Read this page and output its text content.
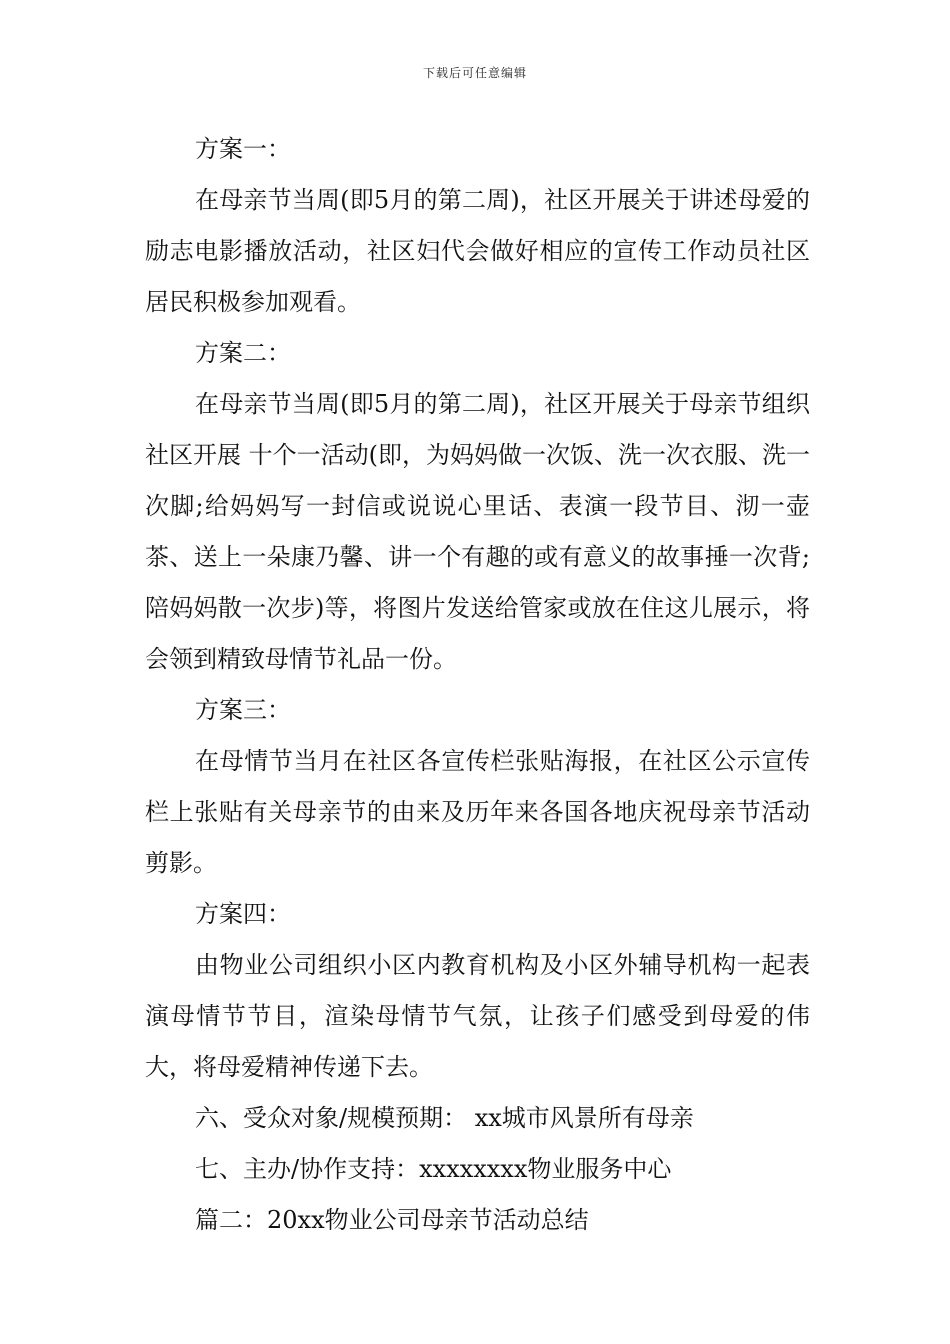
下载后可任意编辑

方案一：

在母亲节当周(即5月的第二周)，社区开展关于讲述母爱的励志电影播放活动，社区妇代会做好相应的宣传工作动员社区居民积极参加观看。

方案二：

在母亲节当周(即5月的第二周)，社区开展关于母亲节组织社区开展 十个一活动(即，为妈妈做一次饭、洗一次衣服、洗一次脚;给妈妈写一封信或说说心里话、表演一段节目、沏一壶茶、送上一朵康乃馨、讲一个有趣的或有意义的故事捶一次背;陪妈妈散一次步)等，将图片发送给管家或放在住这儿展示，将会领到精致母情节礼品一份。

方案三：

在母情节当月在社区各宣传栏张贴海报，在社区公示宣传栏上张贴有关母亲节的由来及历年来各国各地庆祝母亲节活动剪影。

方案四：

由物业公司组织小区内教育机构及小区外辅导机构一起表演母情节节目，渲染母情节气氛，让孩子们感受到母爱的伟大，将母爱精神传递下去。

六、受众对象/规模预期： xx城市风景所有母亲

七、主办/协作支持：xxxxxxxx物业服务中心

篇二：20xx物业公司母亲节活动总结
